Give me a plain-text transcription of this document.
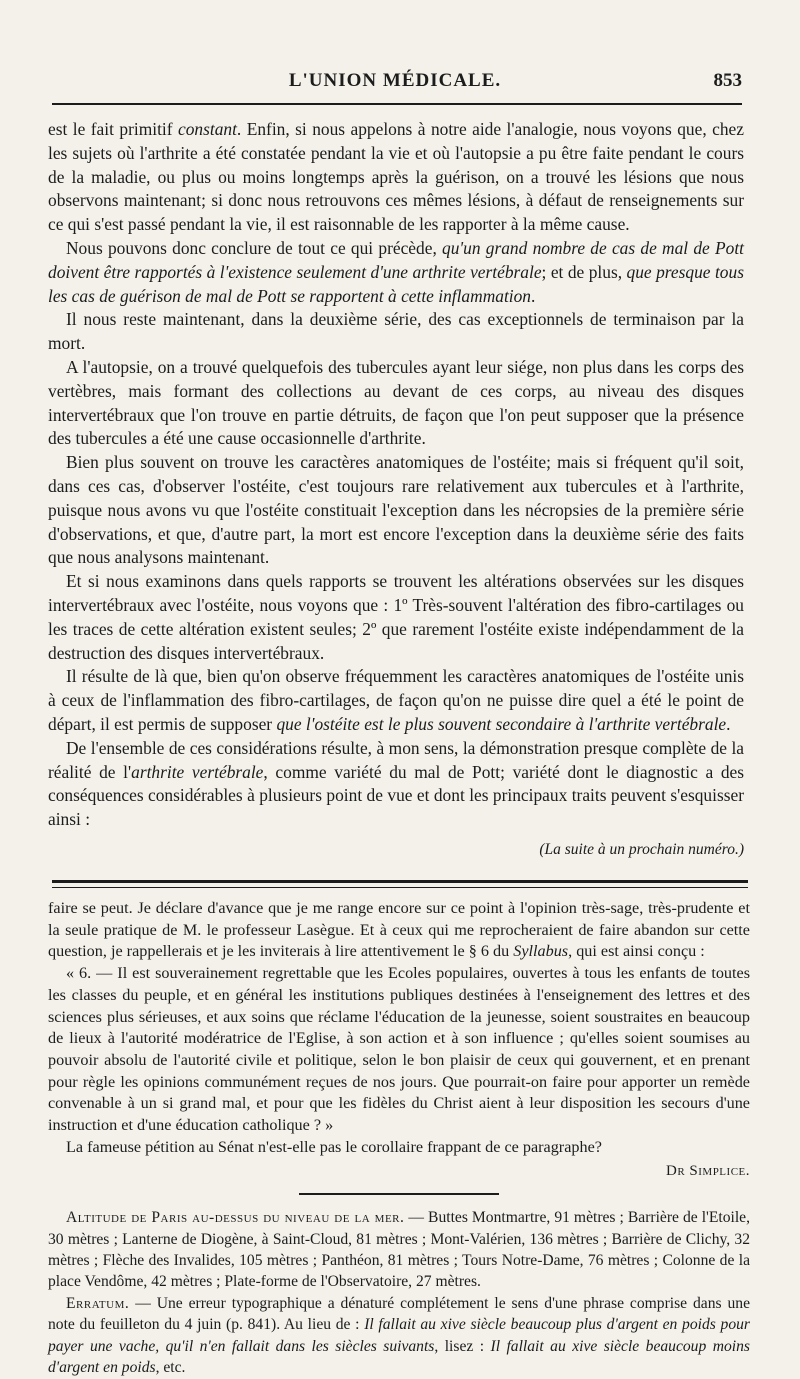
L'UNION MÉDICALE.	853

est le fait primitif constant. Enfin, si nous appelons à notre aide l'analogie, nous voyons que, chez les sujets où l'arthrite a été constatée pendant la vie et où l'autopsie a pu être faite pendant le cours de la maladie, ou plus ou moins longtemps après la guérison, on a trouvé les lésions que nous observons maintenant; si donc nous retrouvons ces mêmes lésions, à défaut de renseignements sur ce qui s'est passé pendant la vie, il est raisonnable de les rapporter à la même cause.

Nous pouvons donc conclure de tout ce qui précède, qu'un grand nombre de cas de mal de Pott doivent être rapportés à l'existence seulement d'une arthrite vertébrale; et de plus, que presque tous les cas de guérison de mal de Pott se rapportent à cette inflammation.

Il nous reste maintenant, dans la deuxième série, des cas exceptionnels de terminaison par la mort.

A l'autopsie, on a trouvé quelquefois des tubercules ayant leur siége, non plus dans les corps des vertèbres, mais formant des collections au devant de ces corps, au niveau des disques intervertébraux que l'on trouve en partie détruits, de façon que l'on peut supposer que la présence des tubercules a été une cause occasionnelle d'arthrite.

Bien plus souvent on trouve les caractères anatomiques de l'ostéite; mais si fréquent qu'il soit, dans ces cas, d'observer l'ostéite, c'est toujours rare relativement aux tubercules et à l'arthrite, puisque nous avons vu que l'ostéite constituait l'exception dans les nécropsies de la première série d'observations, et que, d'autre part, la mort est encore l'exception dans la deuxième série des faits que nous analysons maintenant.

Et si nous examinons dans quels rapports se trouvent les altérations observées sur les disques intervertébraux avec l'ostéite, nous voyons que : 1º Très-souvent l'altération des fibro-cartilages ou les traces de cette altération existent seules; 2º que rarement l'ostéite existe indépendamment de la destruction des disques intervertébraux.

Il résulte de là que, bien qu'on observe fréquemment les caractères anatomiques de l'ostéite unis à ceux de l'inflammation des fibro-cartilages, de façon qu'on ne puisse dire quel a été le point de départ, il est permis de supposer que l'ostéite est le plus souvent secondaire à l'arthrite vertébrale.

De l'ensemble de ces considérations résulte, à mon sens, la démonstration presque complète de la réalité de l'arthrite vertébrale, comme variété du mal de Pott; variété dont le diagnostic a des conséquences considérables à plusieurs point de vue et dont les principaux traits peuvent s'esquisser ainsi :

(La suite à un prochain numéro.)

faire se peut. Je déclare d'avance que je me range encore sur ce point à l'opinion très-sage, très-prudente et la seule pratique de M. le professeur Lasègue. Et à ceux qui me reprocheraient de faire abandon sur cette question, je rappellerais et je les inviterais à lire attentivement le § 6 du Syllabus, qui est ainsi conçu :

« 6. — Il est souverainement regrettable que les Ecoles populaires, ouvertes à tous les enfants de toutes les classes du peuple, et en général les institutions publiques destinées à l'enseignement des lettres et des sciences plus sérieuses, et aux soins que réclame l'éducation de la jeunesse, soient soustraites en beaucoup de lieux à l'autorité modératrice de l'Eglise, à son action et à son influence ; qu'elles soient soumises au pouvoir absolu de l'autorité civile et politique, selon le bon plaisir de ceux qui gouvernent, et en prenant pour règle les opinions communément reçues de nos jours. Que pourrait-on faire pour apporter un remède convenable à un si grand mal, et pour que les fidèles du Christ aient à leur disposition les secours d'une instruction et d'une éducation catholique ? »

La fameuse pétition au Sénat n'est-elle pas le corollaire frappant de ce paragraphe?

Dr Simplice.

Altitude de Paris au-dessus du niveau de la mer. — Buttes Montmartre, 91 mètres ; Barrière de l'Etoile, 30 mètres ; Lanterne de Diogène, à Saint-Cloud, 81 mètres ; Mont-Valérien, 136 mètres ; Barrière de Clichy, 32 mètres ; Flèche des Invalides, 105 mètres ; Panthéon, 81 mètres ; Tours Notre-Dame, 76 mètres ; Colonne de la place Vendôme, 42 mètres ; Plate-forme de l'Observatoire, 27 mètres.

Erratum. — Une erreur typographique a dénaturé complétement le sens d'une phrase comprise dans une note du feuilleton du 4 juin (p. 841). Au lieu de : Il fallait au xive siècle beaucoup plus d'argent en poids pour payer une vache, qu'il n'en fallait dans les siècles suivants, lisez : Il fallait au xive siècle beaucoup moins d'argent en poids, etc.
